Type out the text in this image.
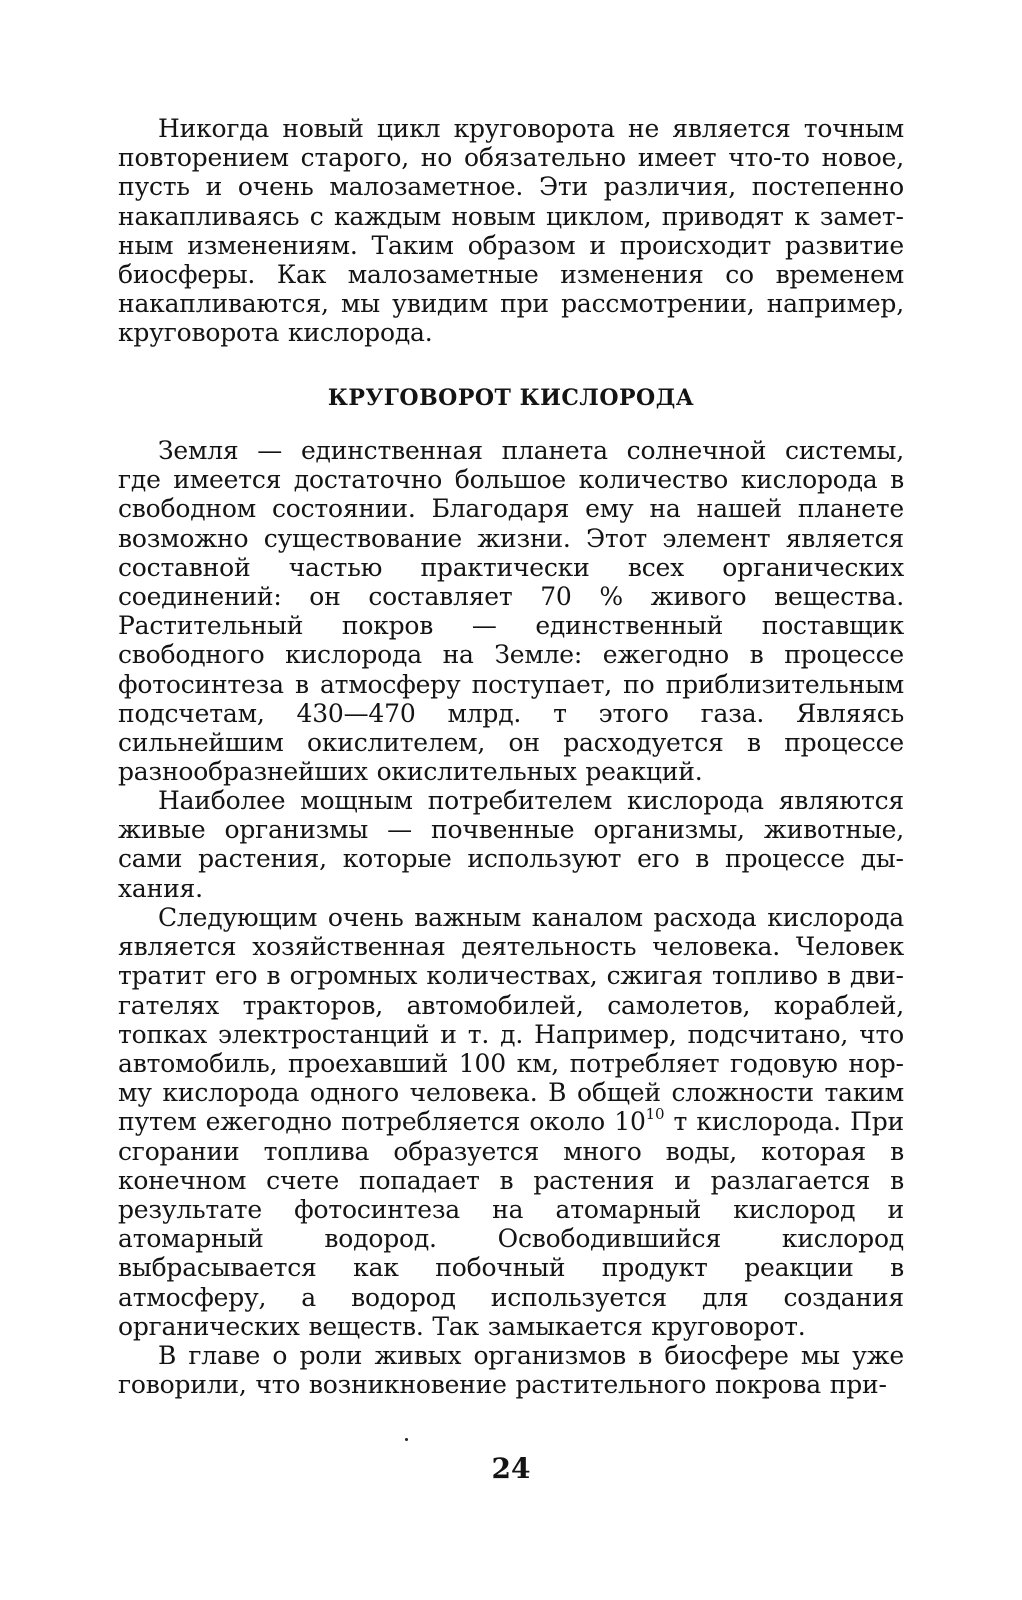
Никогда новый цикл круговорота не является точным повторением старого, но обязательно имеет что-то новое, пусть и очень малозаметное. Эти различия, постепенно накапливаясь с каждым новым циклом, приводят к заметным изменениям. Таким образом и происходит развитие биосферы. Как малозаметные изменения со временем накапливаются, мы увидим при рассмотрении, например, круговорота кислорода.

КРУГОВОРОТ КИСЛОРОДА

Земля — единственная планета солнечной системы, где имеется достаточно большое количество кислорода в свободном состоянии. Благодаря ему на нашей планете возможно существование жизни. Этот элемент является составной частью практически всех органических соединений: он составляет 70 % живого вещества. Растительный покров — единственный поставщик свободного кислорода на Земле: ежегодно в процессе фотосинтеза в атмосферу поступает, по приблизительным подсчетам, 430—470 млрд. т этого газа. Являясь сильнейшим окислителем, он расходуется в процессе разнообразнейших окислительных реакций.

Наиболее мощным потребителем кислорода являются живые организмы — почвенные организмы, животные, сами растения, которые используют его в процессе дыхания.

Следующим очень важным каналом расхода кислорода является хозяйственная деятельность человека. Человек тратит его в огромных количествах, сжигая топливо в двигателях тракторов, автомобилей, самолетов, кораблей, топках электростанций и т. д. Например, подсчитано, что автомобиль, проехавший 100 км, потребляет годовую норму кислорода одного человека. В общей сложности таким путем ежегодно потребляется около $10^{10}$ т кислорода. При сгорании топлива образуется много воды, которая в конечном счете попадает в растения и разлагается в результате фотосинтеза на атомарный кислород и атомарный водород. Освободившийся кислород выбрасывается как побочный продукт реакции в атмосферу, а водород используется для создания органических веществ. Так замыкается круговорот.

В главе о роли живых организмов в биосфере мы уже говорили, что возникновение растительного покрова при-

24
